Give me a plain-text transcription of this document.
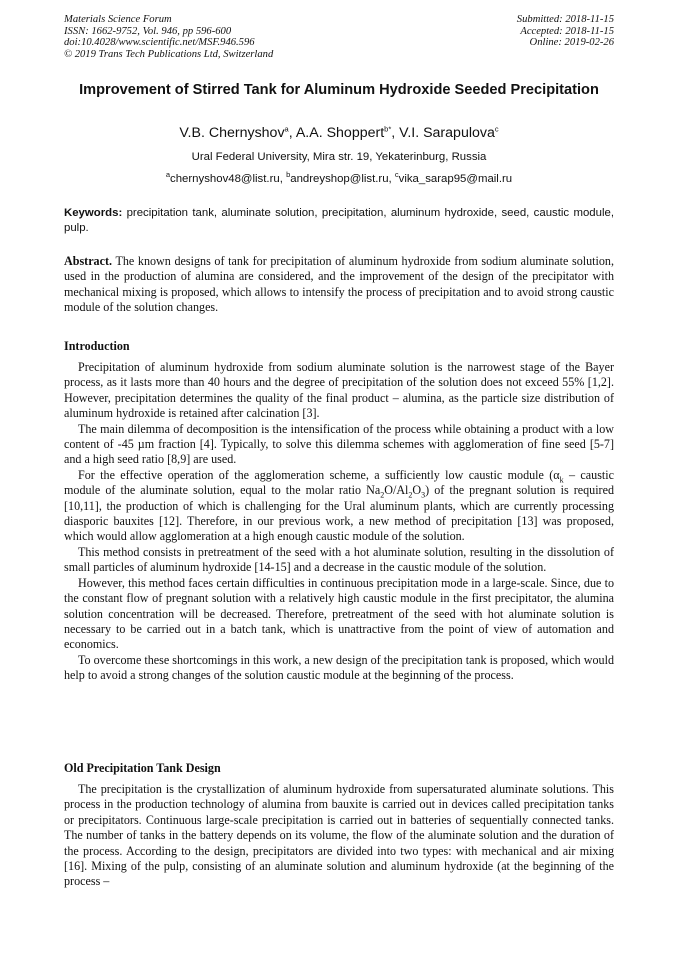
Materials Science Forum
ISSN: 1662-9752, Vol. 946, pp 596-600
doi:10.4028/www.scientific.net/MSF.946.596
© 2019 Trans Tech Publications Ltd, Switzerland
Submitted: 2018-11-15
Accepted: 2018-11-15
Online: 2019-02-26
Improvement of Stirred Tank for Aluminum Hydroxide Seeded Precipitation
V.B. Chernyshov$^a$, A.A. Shoppert$^{b*}$, V.I. Sarapulova$^c$
Ural Federal University, Mira str. 19, Yekaterinburg, Russia
$^a$chernyshov48@list.ru, $^b$andreyshop@list.ru, $^c$vika_sarap95@mail.ru
Keywords: precipitation tank, aluminate solution, precipitation, aluminum hydroxide, seed, caustic module, pulp.
Abstract. The known designs of tank for precipitation of aluminum hydroxide from sodium aluminate solution, used in the production of alumina are considered, and the improvement of the design of the precipitator with mechanical mixing is proposed, which allows to intensify the process of precipitation and to avoid strong caustic module of the solution changes.
Introduction

Precipitation of aluminum hydroxide from sodium aluminate solution is the narrowest stage of the Bayer process, as it lasts more than 40 hours and the degree of precipitation of the solution does not exceed 55% [1,2]. However, precipitation determines the quality of the final product – alumina, as the particle size distribution of aluminum hydroxide is retained after calcination [3].

The main dilemma of decomposition is the intensification of the process while obtaining a product with a low content of -45 µm fraction [4]. Typically, to solve this dilemma schemes with agglomeration of fine seed [5-7] and a high seed ratio [8,9] are used.

For the effective operation of the agglomeration scheme, a sufficiently low caustic module ($\alpha_k$ – caustic module of the aluminate solution, equal to the molar ratio $Na_2O/Al_2O_3$) of the pregnant solution is required [10,11], the production of which is challenging for the Ural aluminum plants, which are currently processing diasporic bauxites [12]. Therefore, in our previous work, a new method of precipitation [13] was proposed, which would allow agglomeration at a high enough caustic module of the solution.

This method consists in pretreatment of the seed with a hot aluminate solution, resulting in the dissolution of small particles of aluminum hydroxide [14-15] and a decrease in the caustic module of the solution.

However, this method faces certain difficulties in continuous precipitation mode in a large-scale. Since, due to the constant flow of pregnant solution with a relatively high caustic module in the first precipitator, the alumina solution concentration will be decreased. Therefore, pretreatment of the seed with hot aluminate solution is necessary to be carried out in a batch tank, which is unattractive from the point of view of automation and economics.

To overcome these shortcomings in this work, a new design of the precipitation tank is proposed, which would help to avoid a strong changes of the solution caustic module at the beginning of the process.

Old Precipitation Tank Design

The precipitation is the crystallization of aluminum hydroxide from supersaturated aluminate solutions. This process in the production technology of alumina from bauxite is carried out in devices called precipitation tanks or precipitators. Continuous large-scale precipitation is carried out in batteries of sequentially connected tanks. The number of tanks in the battery depends on its volume, the flow of the aluminate solution and the duration of the process. According to the design, precipitators are divided into two types: with mechanical and air mixing [16]. Mixing of the pulp, consisting of an aluminate solution and aluminum hydroxide (at the beginning of the process –
